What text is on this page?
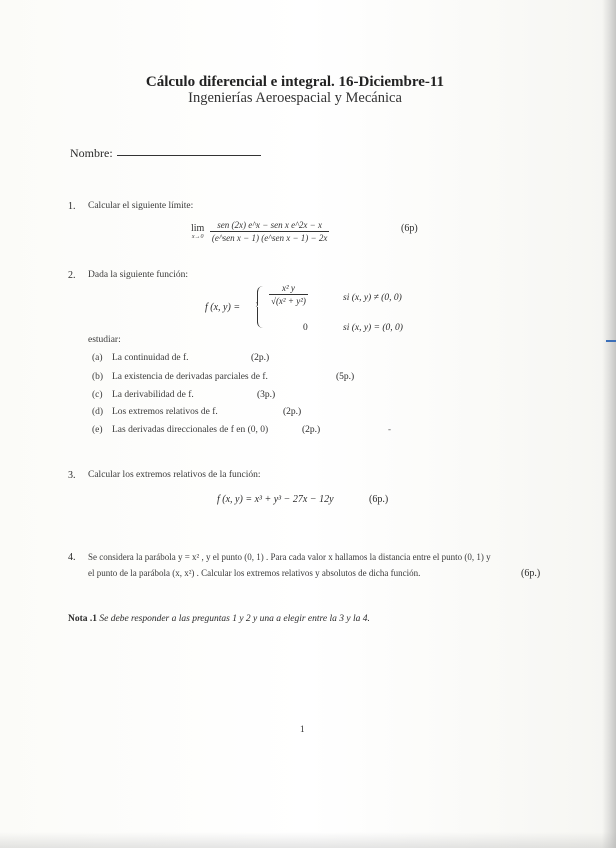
Cálculo diferencial e integral. 16-Diciembre-11
Ingenierías Aeroespacial y Mecánica
Nombre:
1. Calcular el siguiente límite:
lim
x→0
$\frac{\text{sen (2x) e\textasciicircum{}x − sen x e\textasciicircum{}2x − x}}{\text{(e\textasciicircum{}sen x − 1) (e\textasciicircum{}sen x − 1) − 2x}}$	(6p)
2. Dada la siguiente función:
f (x, y) =
$\frac{\text{x² y}}{\text{√(x² + y²)}}$	si (x, y) ≠ (0, 0)
0	si (x, y) = (0, 0)
estudiar:
(a) La continuidad de f.	(2p.)
(b) La existencia de derivadas parciales de f.	(5p.)
(c) La derivabilidad de f.	(3p.)
(d) Los extremos relativos de f.	(2p.)
(e) Las derivadas direccionales de f en (0, 0)	(2p.)	-
3. Calcular los extremos relativos de la función:
f (x, y) = x³ + y³ − 27x − 12y	(6p.)
4. Se considera la parábola y = x² , y el punto (0, 1) . Para cada valor x hallamos la distancia entre el punto (0, 1) y
el punto de la parábola (x, x²) . Calcular los extremos relativos y absolutos de dicha función.	(6p.)
Nota .1 Se debe responder a las preguntas 1 y 2 y una a elegir entre la 3 y la 4.
1
